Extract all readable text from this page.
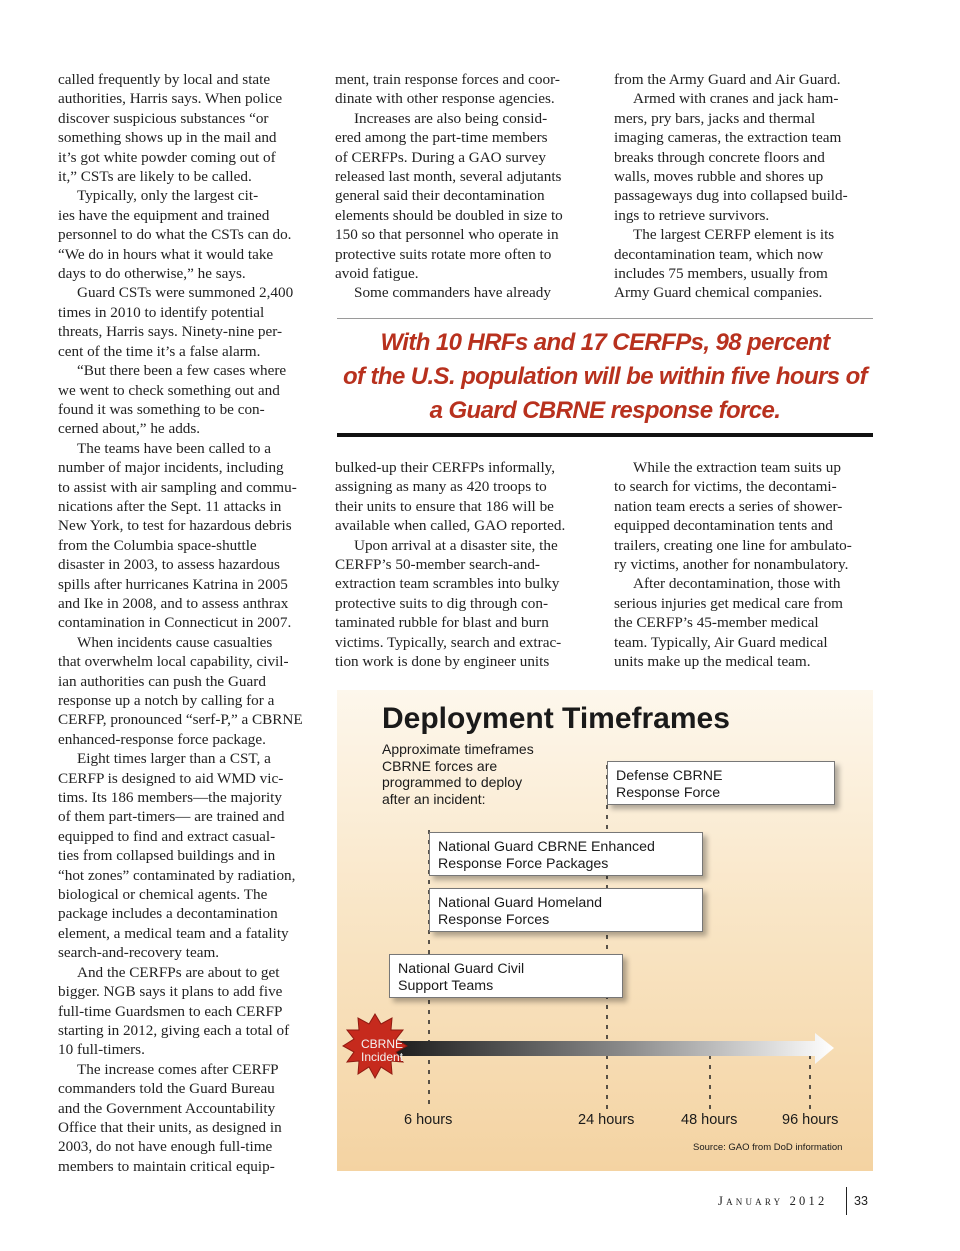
called frequently by local and state

authorities, Harris says. When police

discover suspicious substances “or

something shows up in the mail and

it’s got white powder coming out of

it,” CSTs are likely to be called.

Typically, only the largest cit-

ies have the equipment and trained

personnel to do what the CSTs can do.

“We do in hours what it would take

days to do otherwise,” he says.

Guard CSTs were summoned 2,400

times in 2010 to identify potential

threats, Harris says. Ninety-nine per-

cent of the time it’s a false alarm.

“But there been a few cases where

we went to check something out and

found it was something to be con-

cerned about,” he adds.

The teams have been called to a

number of major incidents, including

to assist with air sampling and commu-

nications after the Sept. 11 attacks in

New York, to test for hazardous debris

from the Columbia space-shuttle

disaster in 2003, to assess hazardous

spills after hurricanes Katrina in 2005

and Ike in 2008, and to assess anthrax

contamination in Connecticut in 2007.

When incidents cause casualties

that overwhelm local capability, civil-

ian authorities can push the Guard

response up a notch by calling for a

CERFP, pronounced “serf-P,” a CBRNE

enhanced-response force package.

Eight times larger than a CST, a

CERFP is designed to aid WMD vic-

tims. Its 186 members—the majority

of them part-timers— are trained and

equipped to find and extract casual-

ties from collapsed buildings and in

“hot zones” contaminated by radiation,

biological or chemical agents. The

package includes a decontamination

element, a medical team and a fatality

search-and-recovery team.

And the CERFPs are about to get

bigger. NGB says it plans to add five

full-time Guardsmen to each CERFP

starting in 2012, giving each a total of

10 full-timers.

The increase comes after CERFP

commanders told the Guard Bureau

and the Government Accountability

Office that their units, as designed in

2003, do not have enough full-time

members to maintain critical equip-

ment, train response forces and coor-

dinate with other response agencies.

Increases are also being consid-

ered among the part-time members

of CERFPs. During a GAO survey

released last month, several adjutants

general said their decontamination

elements should be doubled in size to

150 so that personnel who operate in

protective suits rotate more often to

avoid fatigue.

Some commanders have already

from the Army Guard and Air Guard.

Armed with cranes and jack ham-

mers, pry bars, jacks and thermal

imaging cameras, the extraction team

breaks through concrete floors and

walls, moves rubble and shores up

passageways dug into collapsed build-

ings to retrieve survivors.

The largest CERFP element is its

decontamination team, which now

includes 75 members, usually from

Army Guard chemical companies.

With 10 HRFs and 17 CERFPs, 98 percent
of the U.S. population will be within five hours of
a Guard CBRNE response force.

bulked-up their CERFPs informally,

assigning as many as 420 troops to

their units to ensure that 186 will be

available when called, GAO reported.

Upon arrival at a disaster site, the

CERFP’s 50-member search-and-

extraction team scrambles into bulky

protective suits to dig through con-

taminated rubble for blast and burn

victims. Typically, search and extrac-

tion work is done by engineer units

While the extraction team suits up

to search for victims, the decontami-

nation team erects a series of shower-

equipped decontamination tents and

trailers, creating one line for ambulato-

ry victims, another for nonambulatory.

After decontamination, those with

serious injuries get medical care from

the CERFP’s 45-member medical

team. Typically, Air Guard medical

units make up the medical team.

Deployment Timeframes
Approximate timeframes
CBRNE forces are
programmed to deploy
after an incident:
Defense CBRNE
Response Force
National Guard CBRNE Enhanced
Response Force Packages
National Guard Homeland
Response Forces
National Guard Civil
Support Teams
CBRNE
Incident
6 hours	24 hours	48 hours	96 hours
Source: GAO from DoD information
January 2012 33
